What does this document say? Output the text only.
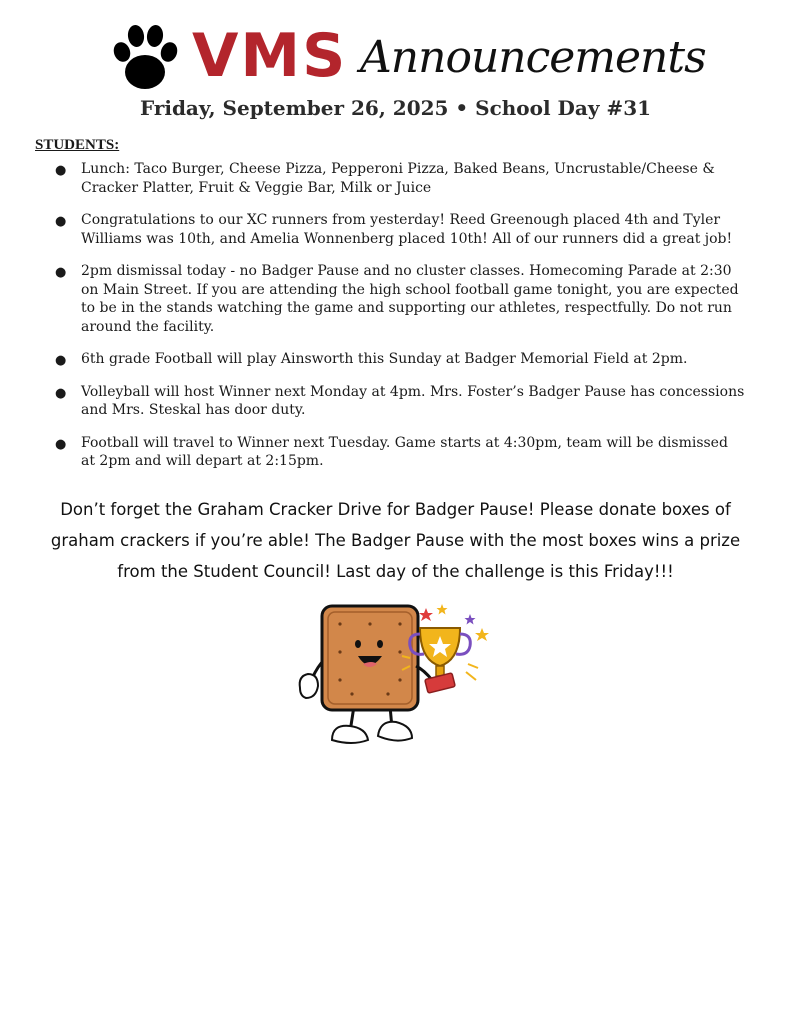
VMS Announcements
Friday, September 26, 2025 • School Day #31
STUDENTS:
● Lunch: Taco Burger, Cheese Pizza, Pepperoni Pizza, Baked Beans, Uncrustable/Cheese & Cracker Platter, Fruit & Veggie Bar, Milk or Juice
● Congratulations to our XC runners from yesterday! Reed Greenough placed 4th and Tyler Williams was 10th, and Amelia Wonnenberg placed 10th! All of our runners did a great job!
● 2pm dismissal today - no Badger Pause and no cluster classes. Homecoming Parade at 2:30 on Main Street. If you are attending the high school football game tonight, you are expected to be in the stands watching the game and supporting our athletes, respectfully. Do not run around the facility.
● 6th grade Football will play Ainsworth this Sunday at Badger Memorial Field at 2pm.
● Volleyball will host Winner next Monday at 4pm. Mrs. Foster’s Badger Pause has concessions and Mrs. Steskal has door duty.
● Football will travel to Winner next Tuesday. Game starts at 4:30pm, team will be dismissed at 2pm and will depart at 2:15pm.
Don’t forget the Graham Cracker Drive for Badger Pause! Please donate boxes of graham crackers if you’re able! The Badger Pause with the most boxes wins a prize from the Student Council! Last day of the challenge is this Friday!!!
